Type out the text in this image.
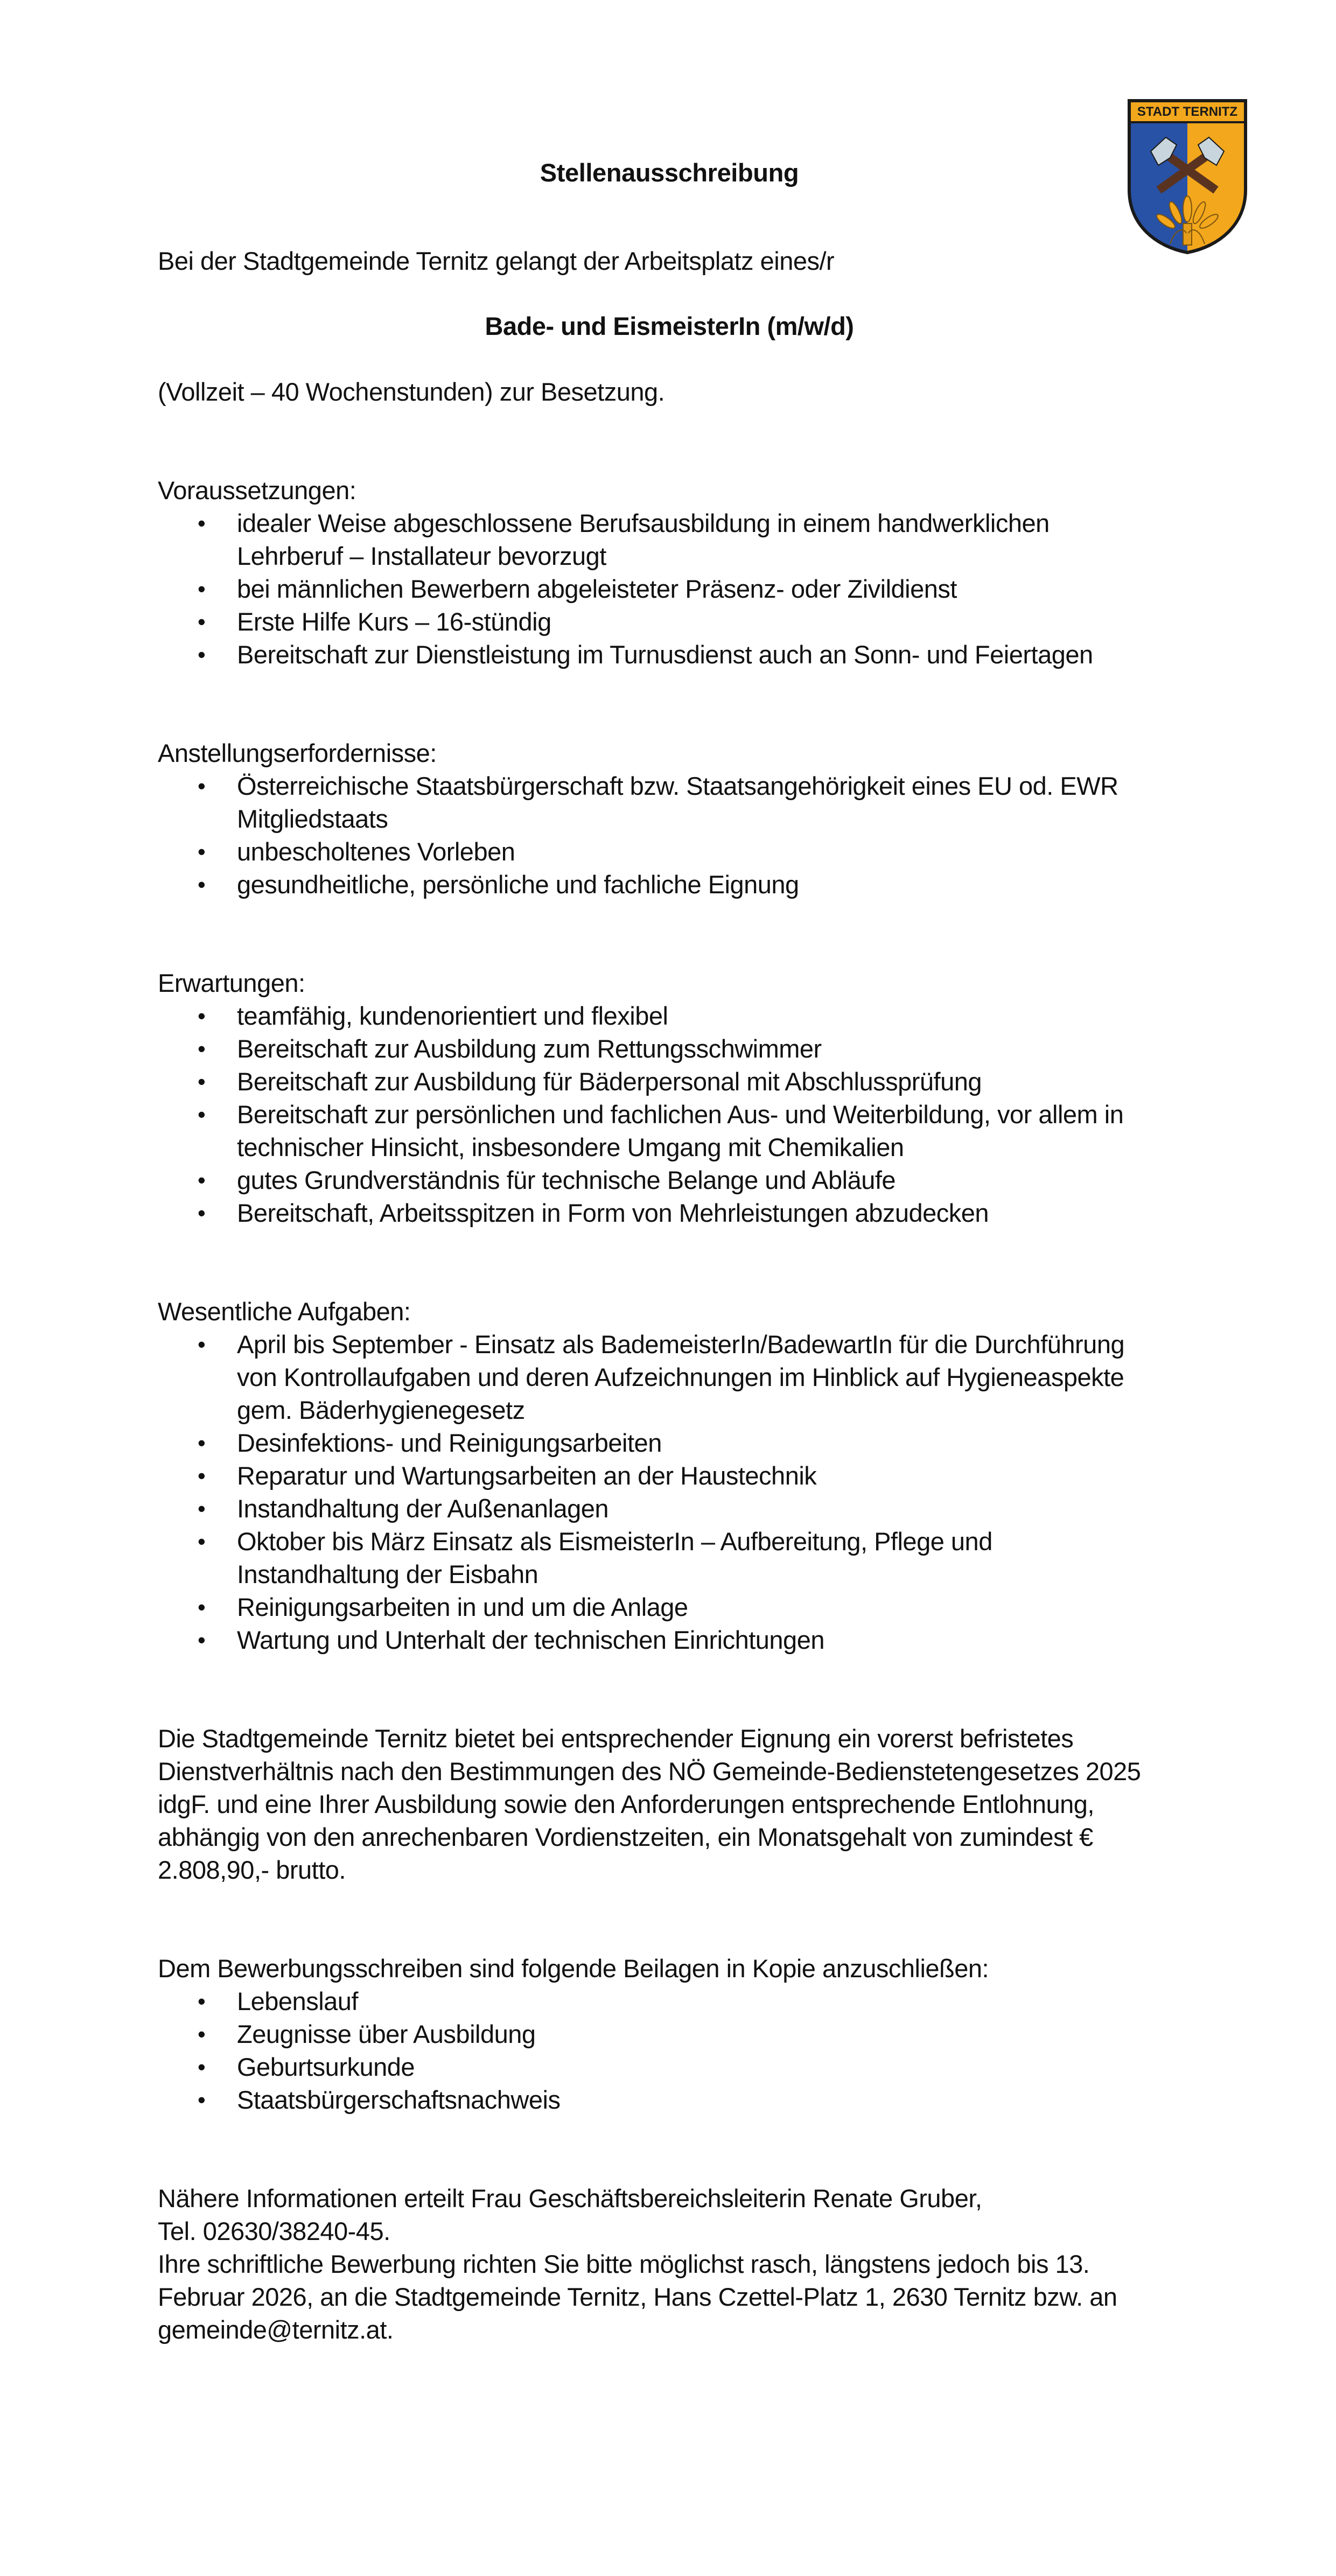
STADT TERNITZ
Stellenausschreibung

Bei der Stadtgemeinde Ternitz gelangt der Arbeitsplatz eines/r

Bade- und EismeisterIn (m/w/d)

(Vollzeit – 40 Wochenstunden) zur Besetzung.

Voraussetzungen:

• idealer Weise abgeschlossene Berufsausbildung in einem handwerklichen Lehrberuf – Installateur bevorzugt
• bei männlichen Bewerbern abgeleisteter Präsenz- oder Zivildienst
• Erste Hilfe Kurs – 16-stündig
• Bereitschaft zur Dienstleistung im Turnusdienst auch an Sonn- und Feiertagen

Anstellungserfordernisse:

• Österreichische Staatsbürgerschaft bzw. Staatsangehörigkeit eines EU od. EWR Mitgliedstaats
• unbescholtenes Vorleben
• gesundheitliche, persönliche und fachliche Eignung

Erwartungen:

• teamfähig, kundenorientiert und flexibel
• Bereitschaft zur Ausbildung zum Rettungsschwimmer
• Bereitschaft zur Ausbildung für Bäderpersonal mit Abschlussprüfung
• Bereitschaft zur persönlichen und fachlichen Aus- und Weiterbildung, vor allem in technischer Hinsicht, insbesondere Umgang mit Chemikalien
• gutes Grundverständnis für technische Belange und Abläufe
• Bereitschaft, Arbeitsspitzen in Form von Mehrleistungen abzudecken

Wesentliche Aufgaben:

• April bis September - Einsatz als BademeisterIn/BadewartIn für die Durchführung von Kontrollaufgaben und deren Aufzeichnungen im Hinblick auf Hygieneaspekte gem. Bäderhygienegesetz
• Desinfektions- und Reinigungsarbeiten
• Reparatur und Wartungsarbeiten an der Haustechnik
• Instandhaltung der Außenanlagen
• Oktober bis März Einsatz als EismeisterIn – Aufbereitung, Pflege und Instandhaltung der Eisbahn
• Reinigungsarbeiten in und um die Anlage
• Wartung und Unterhalt der technischen Einrichtungen

Die Stadtgemeinde Ternitz bietet bei entsprechender Eignung ein vorerst befristetes Dienstverhältnis nach den Bestimmungen des NÖ Gemeinde-Bedienstetengesetzes 2025 idgF. und eine Ihrer Ausbildung sowie den Anforderungen entsprechende Entlohnung, abhängig von den anrechenbaren Vordienstzeiten, ein Monatsgehalt von zumindest € 2.808,90,- brutto.

Dem Bewerbungsschreiben sind folgende Beilagen in Kopie anzuschließen:

• Lebenslauf
• Zeugnisse über Ausbildung
• Geburtsurkunde
• Staatsbürgerschaftsnachweis

Nähere Informationen erteilt Frau Geschäftsbereichsleiterin Renate Gruber,
Tel. 02630/38240-45.

Ihre schriftliche Bewerbung richten Sie bitte möglichst rasch, längstens jedoch bis 13. Februar 2026, an die Stadtgemeinde Ternitz, Hans Czettel-Platz 1, 2630 Ternitz bzw. an gemeinde@ternitz.at.
